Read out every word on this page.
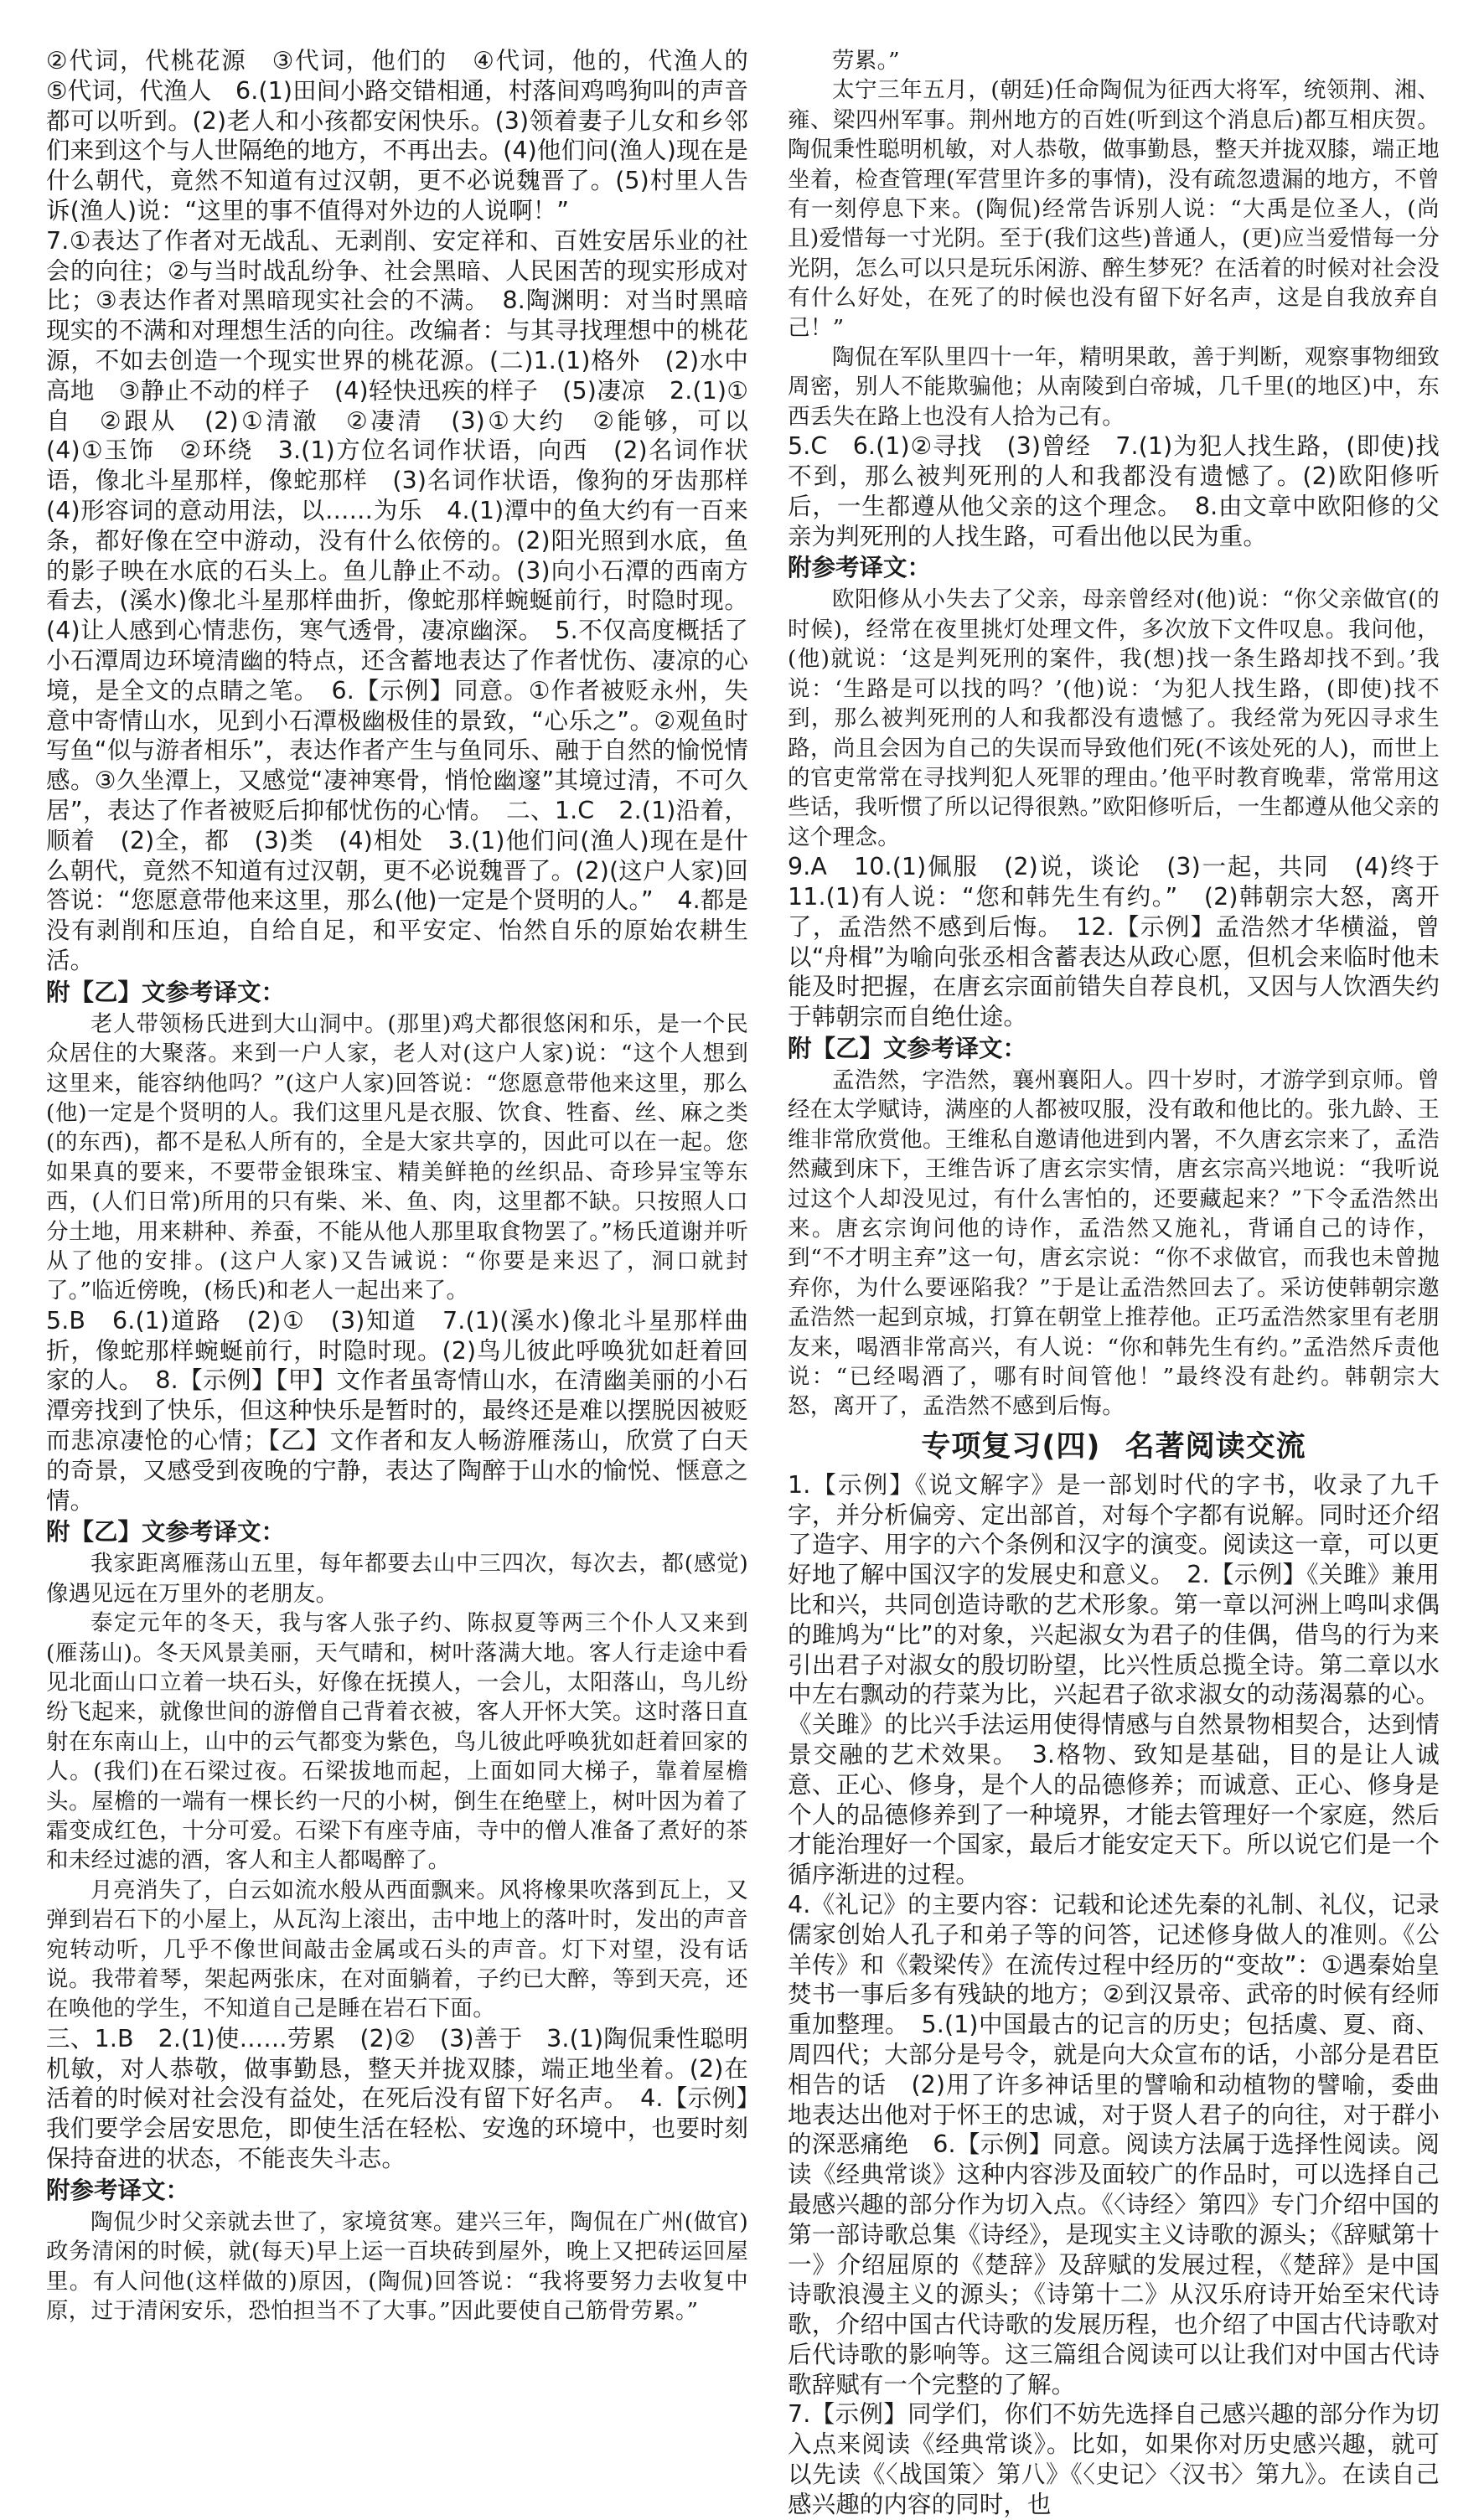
②代词，代桃花源　③代词，他们的　④代词，他的，代渔人的　⑤代词，代渔人　6.(1)田间小路交错相通，村落间鸡鸣狗叫的声音都可以听到。(2)老人和小孩都安闲快乐。(3)领着妻子儿女和乡邻们来到这个与人世隔绝的地方，不再出去。(4)他们问(渔人)现在是什么朝代，竟然不知道有过汉朝，更不必说魏晋了。(5)村里人告诉(渔人)说：“这里的事不值得对外边的人说啊！”
7.①表达了作者对无战乱、无剥削、安定祥和、百姓安居乐业的社会的向往；②与当时战乱纷争、社会黑暗、人民困苦的现实形成对比；③表达作者对黑暗现实社会的不满。　8.陶渊明：对当时黑暗现实的不满和对理想生活的向往。改编者：与其寻找理想中的桃花源，不如去创造一个现实世界的桃花源。(二)1.(1)格外　(2)水中高地　③静止不动的样子　(4)轻快迅疾的样子　(5)凄凉　2.(1)①自　②跟从　(2)①清澈　②凄清　(3)①大约　②能够，可以　(4)①玉饰　②环绕　3.(1)方位名词作状语，向西　(2)名词作状语，像北斗星那样，像蛇那样　(3)名词作状语，像狗的牙齿那样　(4)形容词的意动用法，以……为乐　4.(1)潭中的鱼大约有一百来条，都好像在空中游动，没有什么依傍的。(2)阳光照到水底，鱼的影子映在水底的石头上。鱼儿静止不动。(3)向小石潭的西南方看去，(溪水)像北斗星那样曲折，像蛇那样蜿蜒前行，时隐时现。(4)让人感到心情悲伤，寒气透骨，凄凉幽深。　5.不仅高度概括了小石潭周边环境清幽的特点，还含蓄地表达了作者忧伤、凄凉的心境，是全文的点睛之笔。　6.【示例】同意。①作者被贬永州，失意中寄情山水，见到小石潭极幽极佳的景致，“心乐之”。②观鱼时写鱼“似与游者相乐”，表达作者产生与鱼同乐、融于自然的愉悦情感。③久坐潭上，又感觉“凄神寒骨，悄怆幽邃”其境过清，不可久居”，表达了作者被贬后抑郁忧伤的心情。　二、1.C　2.(1)沿着，顺着　(2)全，都　(3)类　(4)相处　3.(1)他们问(渔人)现在是什么朝代，竟然不知道有过汉朝，更不必说魏晋了。(2)(这户人家)回答说：“您愿意带他来这里，那么(他)一定是个贤明的人。”　4.都是没有剥削和压迫，自给自足，和平安定、怡然自乐的原始农耕生活。
附【乙】文参考译文：

老人带领杨氏进到大山洞中。(那里)鸡犬都很悠闲和乐，是一个民众居住的大聚落。来到一户人家，老人对(这户人家)说：“这个人想到这里来，能容纳他吗？”(这户人家)回答说：“您愿意带他来这里，那么(他)一定是个贤明的人。我们这里凡是衣服、饮食、牲畜、丝、麻之类(的东西)，都不是私人所有的，全是大家共享的，因此可以在一起。您如果真的要来，不要带金银珠宝、精美鲜艳的丝织品、奇珍异宝等东西，(人们日常)所用的只有柴、米、鱼、肉，这里都不缺。只按照人口分土地，用来耕种、养蚕，不能从他人那里取食物罢了。”杨氏道谢并听从了他的安排。(这户人家)又告诫说：“你要是来迟了，洞口就封了。”临近傍晚，(杨氏)和老人一起出来了。

5.B　6.(1)道路　(2)①　(3)知道　7.(1)(溪水)像北斗星那样曲折，像蛇那样蜿蜒前行，时隐时现。(2)鸟儿彼此呼唤犹如赶着回家的人。　8.【示例】【甲】文作者虽寄情山水，在清幽美丽的小石潭旁找到了快乐，但这种快乐是暂时的，最终还是难以摆脱因被贬而悲凉凄怆的心情；【乙】文作者和友人畅游雁荡山，欣赏了白天的奇景，又感受到夜晚的宁静，表达了陶醉于山水的愉悦、惬意之情。
附【乙】文参考译文：

我家距离雁荡山五里，每年都要去山中三四次，每次去，都(感觉)像遇见远在万里外的老朋友。

泰定元年的冬天，我与客人张子约、陈叔夏等两三个仆人又来到(雁荡山)。冬天风景美丽，天气晴和，树叶落满大地。客人行走途中看见北面山口立着一块石头，好像在抚摸人，一会儿，太阳落山，鸟儿纷纷飞起来，就像世间的游僧自己背着衣被，客人开怀大笑。这时落日直射在东南山上，山中的云气都变为紫色，鸟儿彼此呼唤犹如赶着回家的人。(我们)在石梁过夜。石梁拔地而起，上面如同大梯子，靠着屋檐头。屋檐的一端有一棵长约一尺的小树，倒生在绝壁上，树叶因为着了霜变成红色，十分可爱。石梁下有座寺庙，寺中的僧人准备了煮好的茶和未经过滤的酒，客人和主人都喝醉了。

月亮消失了，白云如流水般从西面飘来。风将橡果吹落到瓦上，又弹到岩石下的小屋上，从瓦沟上滚出，击中地上的落叶时，发出的声音宛转动听，几乎不像世间敲击金属或石头的声音。灯下对望，没有话说。我带着琴，架起两张床，在对面躺着，子约已大醉，等到天亮，还在唤他的学生，不知道自己是睡在岩石下面。

三、1.B　2.(1)使……劳累　(2)②　(3)善于　3.(1)陶侃秉性聪明机敏，对人恭敬，做事勤恳，整天并拢双膝，端正地坐着。(2)在活着的时候对社会没有益处，在死后没有留下好名声。　4.【示例】我们要学会居安思危，即使生活在轻松、安逸的环境中，也要时刻保持奋进的状态，不能丧失斗志。
附参考译文：

陶侃少时父亲就去世了，家境贫寒。建兴三年，陶侃在广州(做官)政务清闲的时候，就(每天)早上运一百块砖到屋外，晚上又把砖运回屋里。有人问他(这样做的)原因，(陶侃)回答说：“我将要努力去收复中原，过于清闲安乐，恐怕担当不了大事。”因此要使自己筋骨劳累。”

劳累。”

太宁三年五月，(朝廷)任命陶侃为征西大将军，统领荆、湘、雍、梁四州军事。荆州地方的百姓(听到这个消息后)都互相庆贺。陶侃秉性聪明机敏，对人恭敬，做事勤恳，整天并拢双膝，端正地坐着，检查管理(军营里许多的事情)，没有疏忽遗漏的地方，不曾有一刻停息下来。(陶侃)经常告诉别人说：“大禹是位圣人，(尚且)爱惜每一寸光阴。至于(我们这些)普通人，(更)应当爱惜每一分光阴，怎么可以只是玩乐闲游、醉生梦死？在活着的时候对社会没有什么好处，在死了的时候也没有留下好名声，这是自我放弃自己！”

陶侃在军队里四十一年，精明果敢，善于判断，观察事物细致周密，别人不能欺骗他；从南陵到白帝城，几千里(的地区)中，东西丢失在路上也没有人拾为己有。

5.C　6.(1)②寻找　(3)曾经　7.(1)为犯人找生路，(即使)找不到，那么被判死刑的人和我都没有遗憾了。(2)欧阳修听后，一生都遵从他父亲的这个理念。　8.由文章中欧阳修的父亲为判死刑的人找生路，可看出他以民为重。
附参考译文：

欧阳修从小失去了父亲，母亲曾经对(他)说：“你父亲做官(的时候)，经常在夜里挑灯处理文件，多次放下文件叹息。我问他，(他)就说：‘这是判死刑的案件，我(想)找一条生路却找不到。’我说：‘生路是可以找的吗？’(他)说：‘为犯人找生路，(即使)找不到，那么被判死刑的人和我都没有遗憾了。我经常为死囚寻求生路，尚且会因为自己的失误而导致他们死(不该处死的人)，而世上的官吏常常在寻找判犯人死罪的理由。’他平时教育晚辈，常常用这些话，我听惯了所以记得很熟。”欧阳修听后，一生都遵从他父亲的这个理念。

9.A　10.(1)佩服　(2)说，谈论　(3)一起，共同　(4)终于　11.(1)有人说：“您和韩先生有约。”　(2)韩朝宗大怒，离开了，孟浩然不感到后悔。　12.【示例】孟浩然才华横溢，曾以“舟楫”为喻向张丞相含蓄表达从政心愿，但机会来临时他未能及时把握，在唐玄宗面前错失自荐良机，又因与人饮酒失约于韩朝宗而自绝仕途。
附【乙】文参考译文：

孟浩然，字浩然，襄州襄阳人。四十岁时，才游学到京师。曾经在太学赋诗，满座的人都被叹服，没有敢和他比的。张九龄、王维非常欣赏他。王维私自邀请他进到内署，不久唐玄宗来了，孟浩然藏到床下，王维告诉了唐玄宗实情，唐玄宗高兴地说：“我听说过这个人却没见过，有什么害怕的，还要藏起来？”下令孟浩然出来。唐玄宗询问他的诗作，孟浩然又施礼，背诵自己的诗作，到“不才明主弃”这一句，唐玄宗说：“你不求做官，而我也未曾抛弃你，为什么要诬陷我？”于是让孟浩然回去了。采访使韩朝宗邀孟浩然一起到京城，打算在朝堂上推荐他。正巧孟浩然家里有老朋友来，喝酒非常高兴，有人说：“你和韩先生有约。”孟浩然斥责他说：“已经喝酒了，哪有时间管他！”最终没有赴约。韩朝宗大怒，离开了，孟浩然不感到后悔。

专项复习(四) 名著阅读交流
1.【示例】《说文解字》是一部划时代的字书，收录了九千字，并分析偏旁、定出部首，对每个字都有说解。同时还介绍了造字、用字的六个条例和汉字的演变。阅读这一章，可以更好地了解中国汉字的发展史和意义。　2.【示例】《关雎》兼用比和兴，共同创造诗歌的艺术形象。第一章以河洲上鸣叫求偶的雎鸠为“比”的对象，兴起淑女为君子的佳偶，借鸟的行为来引出君子对淑女的殷切盼望，比兴性质总揽全诗。第二章以水中左右飘动的荇菜为比，兴起君子欲求淑女的动荡渴慕的心。《关雎》的比兴手法运用使得情感与自然景物相契合，达到情景交融的艺术效果。　3.格物、致知是基础，目的是让人诚意、正心、修身，是个人的品德修养；而诚意、正心、修身是个人的品德修养到了一种境界，才能去管理好一个家庭，然后才能治理好一个国家，最后才能安定天下。所以说它们是一个循序渐进的过程。
4.《礼记》的主要内容：记载和论述先秦的礼制、礼仪，记录儒家创始人孔子和弟子等的问答，记述修身做人的准则。《公羊传》和《穀梁传》在流传过程中经历的“变故”：①遇秦始皇焚书一事后多有残缺的地方；②到汉景帝、武帝的时候有经师重加整理。　5.(1)中国最古的记言的历史；包括虞、夏、商、周四代；大部分是号令，就是向大众宣布的话，小部分是君臣相告的话　(2)用了许多神话里的譬喻和动植物的譬喻，委曲地表达出他对于怀王的忠诚，对于贤人君子的向往，对于群小的深恶痛绝　6.【示例】同意。阅读方法属于选择性阅读。阅读《经典常谈》这种内容涉及面较广的作品时，可以选择自己最感兴趣的部分作为切入点。《〈诗经〉第四》专门介绍中国的第一部诗歌总集《诗经》，是现实主义诗歌的源头；《辞赋第十一》介绍屈原的《楚辞》及辞赋的发展过程，《楚辞》是中国诗歌浪漫主义的源头；《诗第十二》从汉乐府诗开始至宋代诗歌，介绍中国古代诗歌的发展历程，也介绍了中国古代诗歌对后代诗歌的影响等。这三篇组合阅读可以让我们对中国古代诗歌辞赋有一个完整的了解。
7.【示例】同学们，你们不妨先选择自己感兴趣的部分作为切入点来阅读《经典常谈》。比如，如果你对历史感兴趣，就可以先读《〈战国策〉第八》《〈史记〉〈汉书〉第九》。在读自己感兴趣的内容的同时，也
